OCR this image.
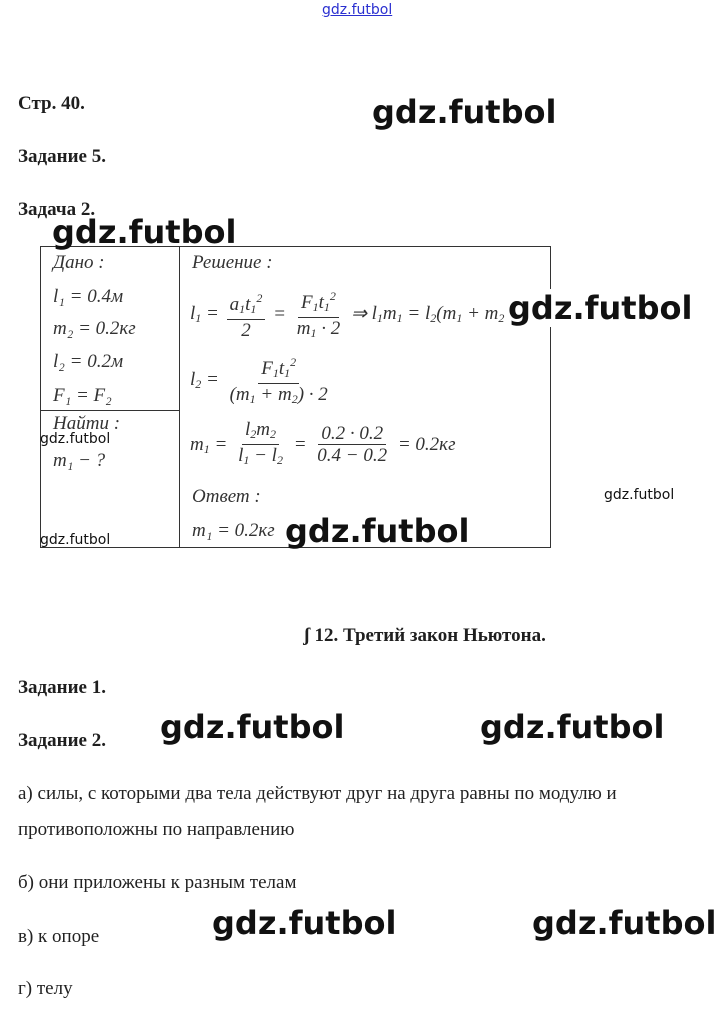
gdz.futbol
Стр. 40.
Задание 5.
Задача 2.
Дано :
l₁ = 0.4м
m₂ = 0.2кг
l₂ = 0.2м
F₁ = F₂
Найти :
m₁ − ?
Решение :
$l_1 = \frac{a_1t_1^2}{2} = \frac{F_1t_1^2}{m_1 \cdot 2}$ ⇒ $l_1m_1 = l_2(m_1 + m_2$
$l_2 = \frac{F_1t_1^2}{(m_1 + m_2) \cdot 2}$
$m_1 = \frac{l_2m_2}{l_1 - l_2} = \frac{0.2 \cdot 0.2}{0.4 - 0.2} = 0.2кг$
Ответ :
m₁ = 0.2кг
ʃ 12. Третий закон Ньютона.
Задание 1.
Задание 2.
а) силы, с которыми два тела действуют друг на друга равны по модулю и
противоположны по направлению
б) они приложены к разным телам
в) к опоре
г) телу
gdz.futbol
gdz.futbol
gdz.futbol
gdz.futbol
gdz.futbol
gdz.futbol
gdz.futbol
gdz.futbol	gdz.futbol
gdz.futbol	gdz.futbol
